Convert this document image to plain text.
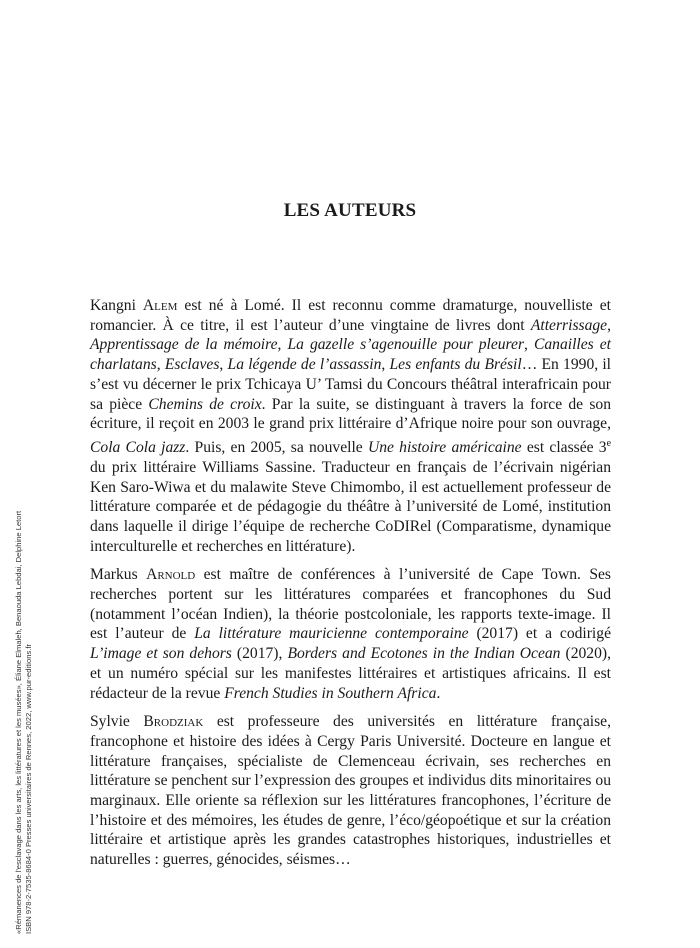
LES AUTEURS

Kangni Alem est né à Lomé. Il est reconnu comme dramaturge, nouvelliste et romancier. À ce titre, il est l’auteur d’une vingtaine de livres dont Atterrissage, Apprentissage de la mémoire, La gazelle s’agenouille pour pleurer, Canailles et charlatans, Esclaves, La légende de l’assassin, Les enfants du Brésil… En 1990, il s’est vu décerner le prix Tchicaya U’ Tamsi du Concours théâtral interafricain pour sa pièce Chemins de croix. Par la suite, se distinguant à travers la force de son écriture, il reçoit en 2003 le grand prix littéraire d’Afrique noire pour son ouvrage, Cola Cola jazz. Puis, en 2005, sa nouvelle Une histoire américaine est classée 3e du prix littéraire Williams Sassine. Traducteur en français de l’écrivain nigérian Ken Saro-Wiwa et du malawite Steve Chimombo, il est actuellement professeur de littérature comparée et de pédagogie du théâtre à l’université de Lomé, institution dans laquelle il dirige l’équipe de recherche CoDIRel (Comparatisme, dynamique interculturelle et recherches en littérature).

Markus Arnold est maître de conférences à l’université de Cape Town. Ses recherches portent sur les littératures comparées et francophones du Sud (notamment l’océan Indien), la théorie postcoloniale, les rapports texte-image. Il est l’auteur de La littérature mauricienne contemporaine (2017) et a codirigé L’image et son dehors (2017), Borders and Ecotones in the Indian Ocean (2020), et un numéro spécial sur les manifestes littéraires et artistiques africains. Il est rédacteur de la revue French Studies in Southern Africa.

Sylvie Brodziak est professeure des universités en littérature française, francophone et histoire des idées à Cergy Paris Université. Docteure en langue et littérature françaises, spécialiste de Clemenceau écrivain, ses recherches en littérature se penchent sur l’expression des groupes et individus dits minoritaires ou marginaux. Elle oriente sa réflexion sur les littératures francophones, l’écriture de l’histoire et des mémoires, les études de genre, l’éco/géopoétique et sur la création littéraire et artistique après les grandes catastrophes historiques, industrielles et naturelles : guerres, génocides, séismes…

«Rémanences de l'esclavage dans les arts, les littératures et les musées», Éliane Elmaleh, Benaouda Lebdai, Delphine Letort ISBN 978-2-7535-8684-0 Presses universitaires de Rennes, 2022, www.pur-editions.fr
